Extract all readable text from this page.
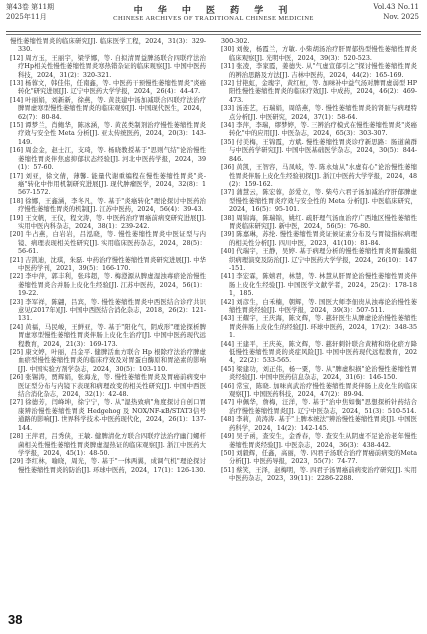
第43卷 第11期
2025年11月
中 华 中 医 药 学 刊
CHINESE ARCHIVES OF TRADITIONAL CHINESE MEDICINE
Vol.43 No.11
Nov. 2025

慢性萎缩性胃炎的临床研究[J]. 临床医学工程，2024，31(3)：329-330.

[12] 周方玉，王丽宇，梁学娜，等. 自拟清胃益脾汤联合四联疗法治疗Hp相关性慢性萎缩性胃炎寒热错杂证的临床观察[J]. 中国中医药科技，2024，31(2)：320-321.

[13] 杨蓉文，韩佳伟，任南鑫，等. 中医药干预慢性萎缩性胃炎"炎癌转化"研究进展[J]. 辽宁中医药大学学报，2024，26(4)：44-47.

[14] 叶丽娟，刘新新，徐燕，等. 黄芪建中汤加减联合四联疗法治疗脾胃虚寒型慢性萎缩性胃炎的临床观察[J]. 中国现代医生，2024，62(7)：80-84.

[15] 谭梦兰，肖鲍华，陈冰涵，等. 黄芪类制剂治疗慢性萎缩性胃炎疗效与安全性 Meta 分析[J]. 亚太传统医药，2024，20(3)：143-149.

[16] 周金金，赵士江，支琦，等. 杨晓教授基于"思则气结"论治慢性萎缩性胃炎伴焦虑抑郁状态经验[J]. 河北中医药学报，2024，39(1)：57-60.

[17] 刘亚，徐文倩，薄馨. 能量代谢重编程在慢性萎缩性胃炎"炎-癌"转化中作用机制研究进展[J]. 现代肿瘤医学，2024，32(8)：1567-1572.

[18] 徐娜，王鑫涵，李冬凡，等. 基于"炎癌转化"理论探讨中医药治疗慢性萎缩性胃炎的机制[J]. 江苏中医药，2024，56(4)：39-43.

[19] 王文帆，王仪，程文涛，等. 中医药治疗胃癌前病变研究进展[J]. 实用中医内科杂志，2024，38(1)：239-242.

[20] 牛占燕，白岩岩，吕泓晓，等. 慢性萎缩性胃炎中医证型与内镜、病理表现相关性研究[J]. 实用临床医药杂志，2024，28(5)：56-61.

[21] 吉凯迪，沈琪，朱磊. 中药治疗慢性萎缩性胃炎研究进展[J]. 中华中医药学刊，2021，39(5)：166-170.

[22] 李中萍，郭丰利，张玮超，等. 梅澄源从脾虚湿浊毒瘀论治慢性萎缩性胃炎合并肠上皮化生经验[J]. 江苏中医药，2024，56(1)：19-22.

[23] 李军祥，陈翩，吕宾，等. 慢性萎缩性胃炎中西医结合诊疗共识意见(2017年)[J]. 中国中西医结合消化杂志，2018，26(2)：121-131.

[24] 黄福，马民峻，王鲜亚，等. 基于"阳化气，阴成形"理论探析脾胃虚寒型慢性萎缩性胃炎伴肠上皮化生治疗[J]. 中国中医药现代远程教育，2024，21(3)：169-173.

[25] 康文婷，叶丽，吕金平. 健脾活血方联合 Hp 根除疗法治疗脾虚血瘀型慢性萎缩性胃炎的临床疗效及对胃蛋白酶原和胃泌素的影响[J]. 中国实验方剂学杂志，2024，30(5)：103-110.

[26] 张锡涛，贾辉娟，张海龙，等. 慢性萎缩性胃炎及胃癌前病变中医证型分布与内镜下表现和病理改变的相关性研究[J]. 中国中西医结合消化杂志，2024，32(1)：42-48.

[27] 徐德芳，闫峰坤，徐宁宁，等. 从"湿热致病"角度探讨自创口胃康辨治慢性萎缩性胃炎 Hedgehog 及 NOX/NF-κB/STAT3信号通路的影响[J]. 世界科学技术-中医药现代化，2024，26(1)：137-144.

[28] 王萍君，吕秀侠，王敏. 健脾清化方联合四联疗法治疗幽门螺杆菌相关性慢性萎缩性胃炎脾虚湿热证的临床观察[J]. 浙江中医药大学学报，2024，45(1)：48-50.

[29] 李红林，喻晓，周光，等. 基于"一体两翼，成调气机"理论探讨慢性萎缩性胃炎的防治[J]. 环球中医药，2024，17(1)：126-130.

300-302.

[30] 刘俊，杨霞兰，方敏. 小柴胡汤治疗肝胃郁热型慢性萎缩性胃炎临床观察[J]. 光明中医，2024，39(3)：520-523.

[31] 张凌，李家霞，姜德失. 从"气虚宣郁引之"探讨慢性萎缩性胃炎的辨治思路及方法[J]. 吉林中医药，2024，44(2)：165-169.

[32] 甘艳虹，金瑰宇，黄红桓，等. 加味补中益气汤对脾胃虚弱型 HP 阳性慢性萎缩性胃炎的临床疗效[J]. 中成药，2024，46(2)：469-473.

[33] 汤连艺，石瑞娟，周皓燕，等. 慢性萎缩性胃炎的肾脏与病理特点分析[J]. 中医研究，2024，37(1)：58-64.

[34] 李萍，李瑞，缪梦婷，等. 三辨治疗模式在慢性萎缩性胃炎"炎癌转化"中的应用[J]. 中医杂志，2024，65(3)：303-307.

[35] 付美梅，王锦霞，方斌. 慢性萎缩性胃炎诊疗新思路：肠道菌群与中医药学研究[J]. 中国中医基础医学杂志，2024，30(5)：844-846.

[36] 黄凯，王智容，马凤岐，等. 陈永灿从"水虚有心"论治慢性萎缩性胃炎伴肠上皮化生经验初探[J]. 浙江中医药大学学报，2024，48(2)：159-162.

[37] 蒲慧云，陈宏蓉，彭爱立，等. 柴芍六君子汤加减治疗肝郁脾虚型慢性萎缩性胃炎疗效与安全性的 Meta 分析[J]. 中医临床研究，2024，16(5)：95-101.

[38] 周锦海，陈瑞锦，姚红. 疏肝理气汤血治疗广西地区慢性萎缩性胃炎临床研究[J]. 新中医，2024，56(5)：76-80.

[39] 陈嘉琳，苏纶. 慢性萎缩性胃炎证候证素分布及与胃镜指标病理的相关性分析[J]. 四川中医，2023，41(10)：81-84.

[40] 代瑞宇，王静，吴婷. 基于病理分析的慢性萎缩性胃炎胃黏膜组织病理演变及防治[J]. 辽宁中医药大学学报，2024，26(10)：147-151.

[41] 李宏霖，陈嬉君，林慧，等. 林慧从肝胃论治慢性萎缩性胃炎伴肠上皮化生经验[J]. 中国医学文献学者，2024，25(2)：178-181，185.

[42] 刘彦生，白禾楠，朝辉，等. 国医大师李佃贵从浊毒论治慢性萎缩性胃炎经验[J]. 中医学报，2024，39(3)：507-511.

[43] 王耀宇，王庆海，陈文辉，等. 慈轩医生从脾虚论治慢性萎缩性胃炎伴肠上皮化生的经验[J]. 环球中医药，2024，17(2)：348-351.

[44] 王建平，王庆英，陈文辉，等. 慈轩刺针联合黄精和络化瘀方降低慢性萎缩性胃炎的炎症风险[J]. 中国中医药现代远程教育，2024，22(2)：533-565.

[45] 梁建功，刘正伟，杨一粟，等. 从"脾虚积损"论治慢性萎缩性胃炎经验[J]. 中国中医药信息杂志，2024，31(6)：146-150.

[46] 常宝，陈晓. 加味真武治疗慢性萎缩性胃炎伴肠上皮化生的临床观察[J]. 中国医药科技，2024，47(2)：89-94.

[47] 申佩华，詹梅，汪洋，等. 基于"治中焦如衡"思想探析针药结合治疗慢性萎缩性胃炎[J]. 辽宁中医杂志，2024，51(3)：510-514.

[48] 李莉，黄涛涛. 基于"上脾本统法"辨治慢性萎缩性胃炎[J]. 中国医药科学，2024，14(2)：142-145.

[49] 吴子函，查安生，金香春，等. 查安生从阴虚不足论治老年慢性萎缩性胃炎经验[J]. 中医杂志，2024，36(3)：438-442.

[50] 刘毅辉，任鑫，高丽，等. 四君子汤联合治疗胃癌前病变的Meta 分析[J]. 中医药导报，2023，55(7)：74-77.

[51] 蔡笑，王泽，赵梅明，等. 四君子汤胃癌前病变治疗研究[J]. 实用中医药杂志，2023，39(11)：2286-2288.

38
